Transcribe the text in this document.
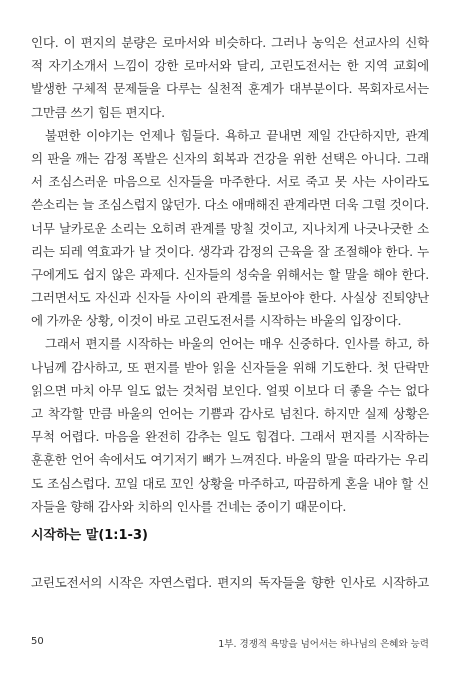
인다. 이 편지의 분량은 로마서와 비슷하다. 그러나 농익은 선교사의 신학
적 자기소개서 느낌이 강한 로마서와 달리, 고린도전서는 한 지역 교회에
발생한 구체적 문제들을 다루는 실천적 훈계가 대부분이다. 목회자로서는
그만큼 쓰기 힘든 편지다.
불편한 이야기는 언제나 힘들다. 욕하고 끝내면 제일 간단하지만, 관계
의 판을 깨는 감정 폭발은 신자의 회복과 건강을 위한 선택은 아니다. 그래
서 조심스러운 마음으로 신자들을 마주한다. 서로 죽고 못 사는 사이라도
쓴소리는 늘 조심스럽지 않던가. 다소 애매해진 관계라면 더욱 그럴 것이다.
너무 날카로운 소리는 오히려 관계를 망칠 것이고, 지나치게 나긋나긋한 소
리는 되레 역효과가 날 것이다. 생각과 감정의 근육을 잘 조절해야 한다. 누
구에게도 쉽지 않은 과제다. 신자들의 성숙을 위해서는 할 말을 해야 한다.
그러면서도 자신과 신자들 사이의 관계를 돌보아야 한다. 사실상 진퇴양난
에 가까운 상황, 이것이 바로 고린도전서를 시작하는 바울의 입장이다.
그래서 편지를 시작하는 바울의 언어는 매우 신중하다. 인사를 하고, 하
나님께 감사하고, 또 편지를 받아 읽을 신자들을 위해 기도한다. 첫 단락만
읽으면 마치 아무 일도 없는 것처럼 보인다. 얼핏 이보다 더 좋을 수는 없다
고 착각할 만큼 바울의 언어는 기쁨과 감사로 넘친다. 하지만 실제 상황은
무척 어렵다. 마음을 완전히 감추는 일도 힘겹다. 그래서 편지를 시작하는
훈훈한 언어 속에서도 여기저기 뼈가 느껴진다. 바울의 말을 따라가는 우리
도 조심스럽다. 꼬일 대로 꼬인 상황을 마주하고, 따끔하게 혼을 내야 할 신
자들을 향해 감사와 치하의 인사를 건네는 중이기 때문이다.
시작하는 말(1:1-3)
고린도전서의 시작은 자연스럽다. 편지의 독자들을 향한 인사로 시작하고
50	1부. 경쟁적 욕망을 넘어서는 하나님의 은혜와 능력
